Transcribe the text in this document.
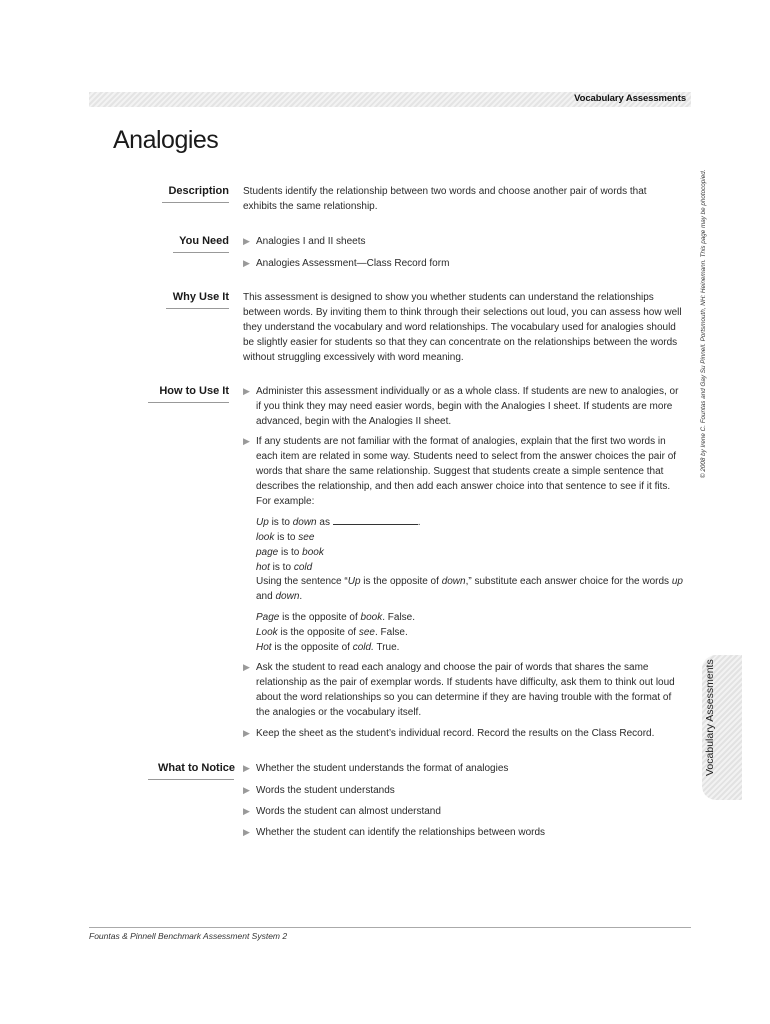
Vocabulary Assessments
Analogies
Description Students identify the relationship between two words and choose another pair of words that exhibits the same relationship.

You Need ▶ Analogies I and II sheets
▶ Analogies Assessment—Class Record form
Why Use It This assessment is designed to show you whether students can understand the relationships between words. By inviting them to think through their selections out loud, you can assess how well they understand the vocabulary and word relationships. The vocabulary used for analogies should be slightly easier for students so that they can concentrate on the relationships between the words without struggling excessively with word meaning.

How to Use It ▶ Administer this assessment individually or as a whole class. If students are new to analogies, or if you think they may need easier words, begin with the Analogies I sheet. If students are more advanced, begin with the Analogies II sheet.
▶ If any students are not familiar with the format of analogies, explain that the first two words in each item are related in some way. Students need to select from the answer choices the pair of words that share the same relationship. Suggest that students create a simple sentence that describes the relationship, and then add each answer choice into that sentence to see if it fits. For example:
Up is to down as	.
look is to see
page is to book
hot is to cold
Using the sentence “Up is the opposite of down,” substitute each answer choice for the words up and down.
Page is the opposite of book. False.
Look is the opposite of see. False.
Hot is the opposite of cold. True.
▶ Ask the student to read each analogy and choose the pair of words that shares the same relationship as the pair of exemplar words. If students have difficulty, ask them to think out loud about the word relationships so you can determine if they are having trouble with the format of the analogies or the vocabulary itself.
▶ Keep the sheet as the student’s individual record. Record the results on the Class Record.
What to Notice ▶ Whether the student understands the format of analogies
▶ Words the student understands
▶ Words the student can almost understand
▶ Whether the student can identify the relationships between words
© 2008 by Irene C. Fountas and Gay Su Pinnell. Portsmouth, NH: Heinemann. This page may be photocopied.
Vocabulary Assessments
Fountas & Pinnell Benchmark Assessment System 2
